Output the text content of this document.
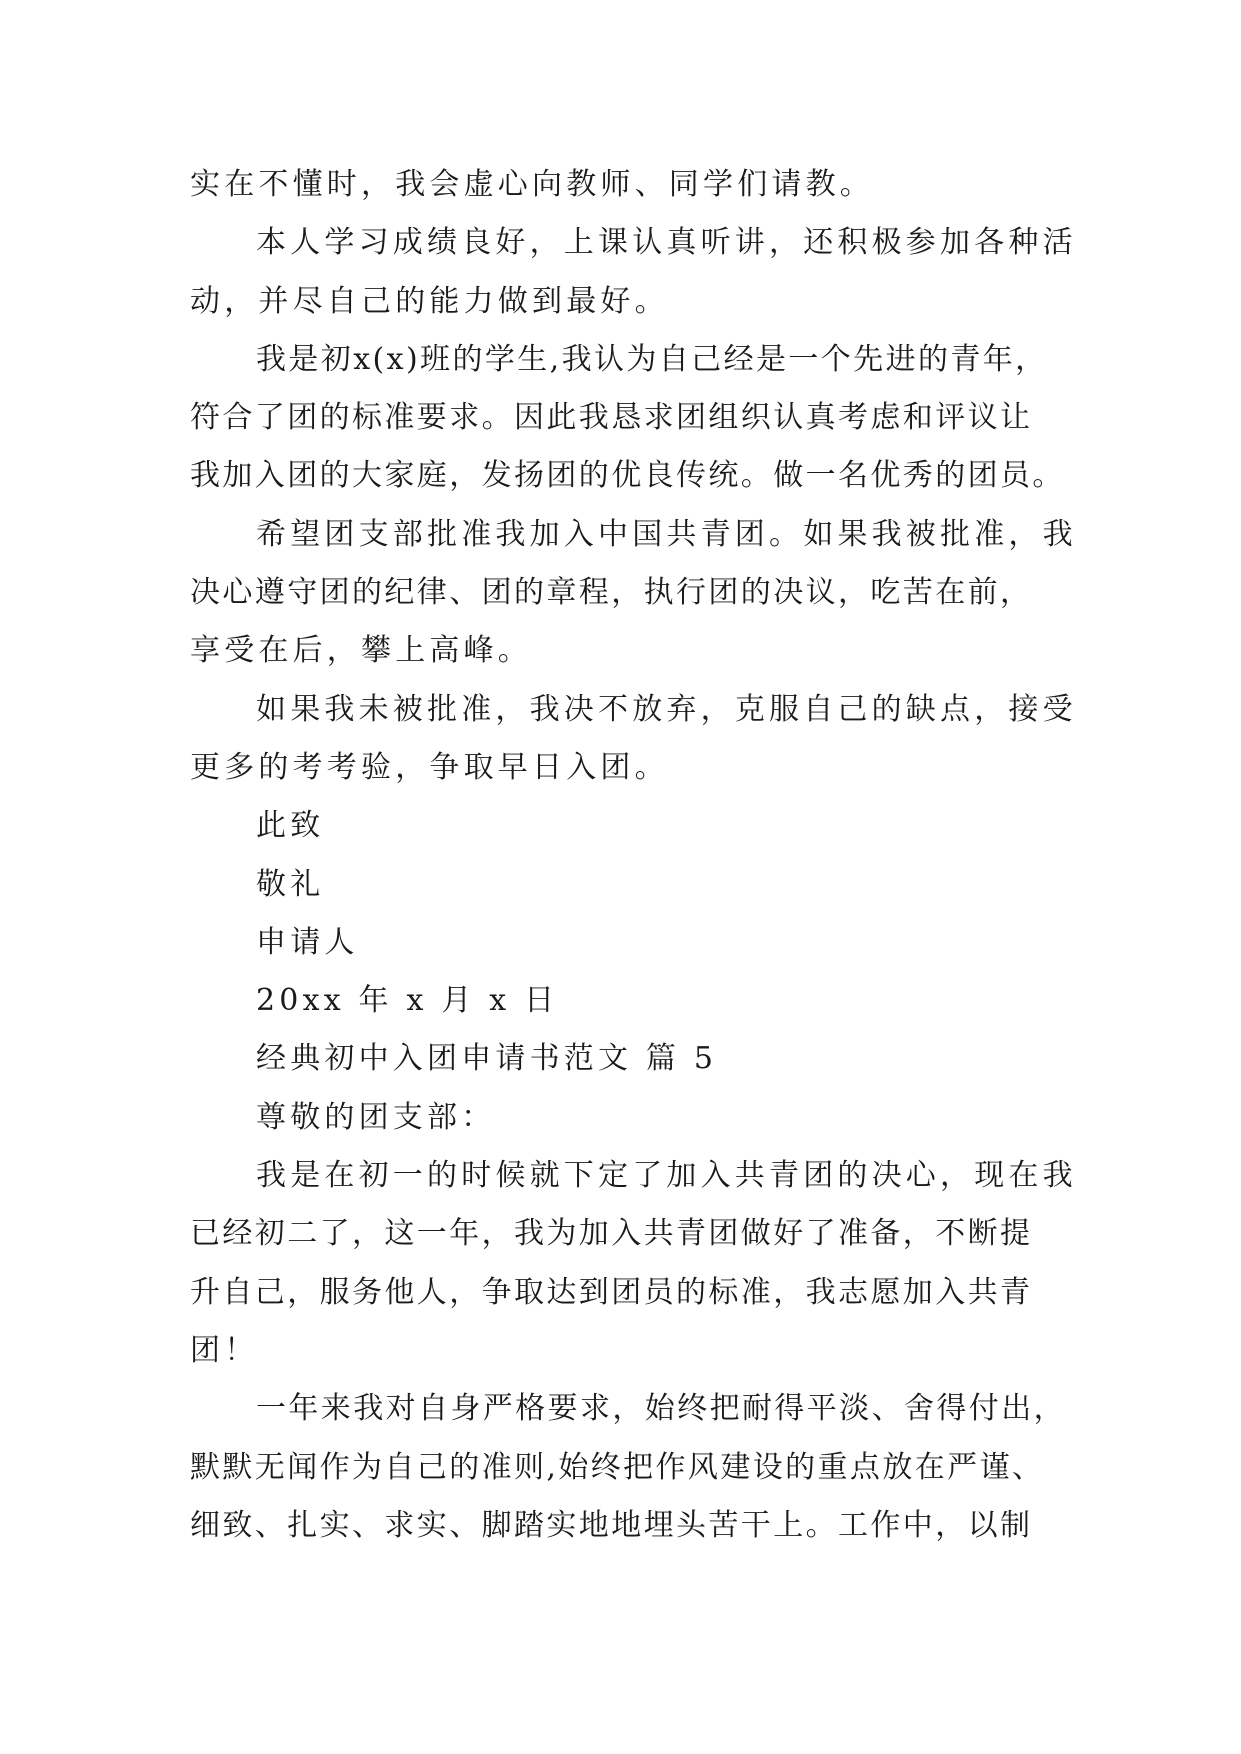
实在不懂时，我会虚心向教师、同学们请教。
本人学习成绩良好，上课认真听讲，还积极参加各种活
动，并尽自己的能力做到最好。
我是初x(x)班的学生,我认为自己经是一个先进的青年，
符合了团的标准要求。因此我恳求团组织认真考虑和评议让
我加入团的大家庭，发扬团的优良传统。做一名优秀的团员。
希望团支部批准我加入中国共青团。如果我被批准，我
决心遵守团的纪律、团的章程，执行团的决议，吃苦在前，
享受在后，攀上高峰。
如果我未被批准，我决不放弃，克服自己的缺点，接受
更多的考考验，争取早日入团。
此致
敬礼
申请人
20xx 年 x 月 x 日
经典初中入团申请书范文 篇 5
尊敬的团支部：
我是在初一的时候就下定了加入共青团的决心，现在我
已经初二了，这一年，我为加入共青团做好了准备，不断提
升自己，服务他人，争取达到团员的标准，我志愿加入共青
团！
一年来我对自身严格要求，始终把耐得平淡、舍得付出，
默默无闻作为自己的准则,始终把作风建设的重点放在严谨、
细致、扎实、求实、脚踏实地地埋头苦干上。工作中，以制
